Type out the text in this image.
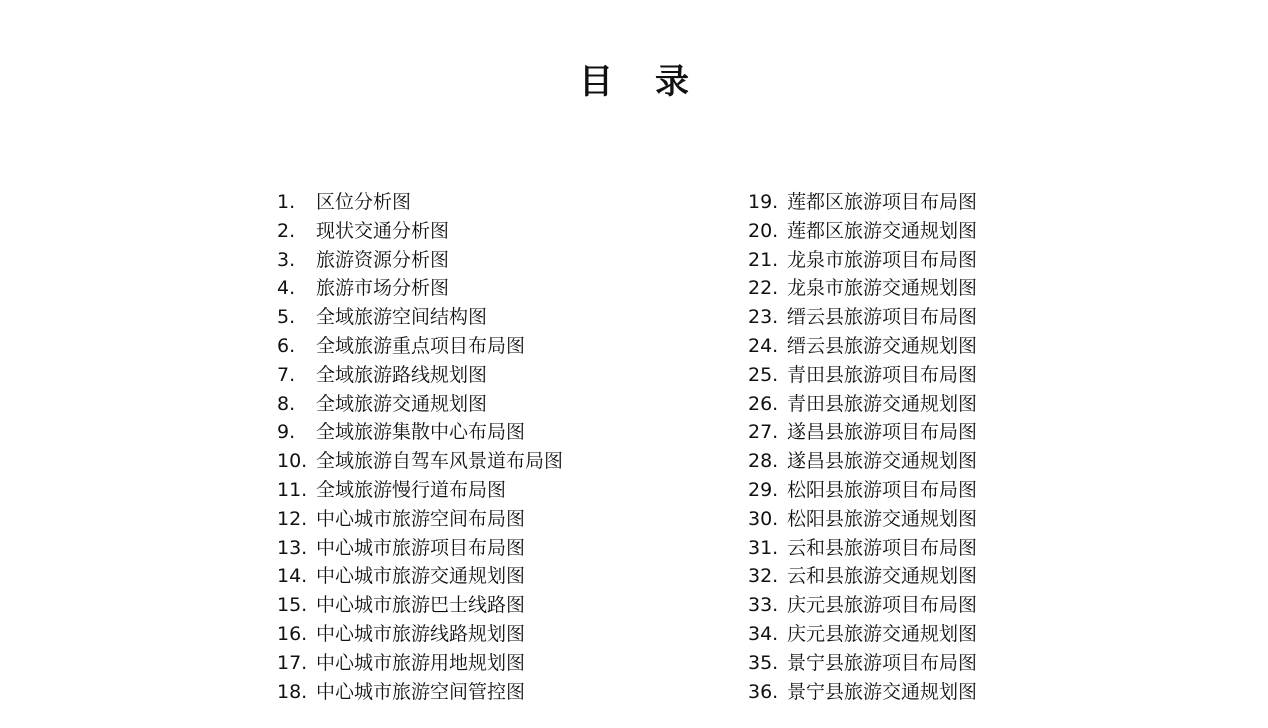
目 录
1.	区位分析图
2.	现状交通分析图
3.	旅游资源分析图
4.	旅游市场分析图
5.	全域旅游空间结构图
6.	全域旅游重点项目布局图
7.	全域旅游路线规划图
8.	全域旅游交通规划图
9.	全域旅游集散中心布局图
10. 全域旅游自驾车风景道布局图
11. 全域旅游慢行道布局图
12. 中心城市旅游空间布局图
13. 中心城市旅游项目布局图
14. 中心城市旅游交通规划图
15. 中心城市旅游巴士线路图
16. 中心城市旅游线路规划图
17. 中心城市旅游用地规划图
18. 中心城市旅游空间管控图
19. 莲都区旅游项目布局图
20. 莲都区旅游交通规划图
21. 龙泉市旅游项目布局图
22. 龙泉市旅游交通规划图
23. 缙云县旅游项目布局图
24. 缙云县旅游交通规划图
25. 青田县旅游项目布局图
26. 青田县旅游交通规划图
27. 遂昌县旅游项目布局图
28. 遂昌县旅游交通规划图
29. 松阳县旅游项目布局图
30. 松阳县旅游交通规划图
31. 云和县旅游项目布局图
32. 云和县旅游交通规划图
33. 庆元县旅游项目布局图
34. 庆元县旅游交通规划图
35. 景宁县旅游项目布局图
36. 景宁县旅游交通规划图
